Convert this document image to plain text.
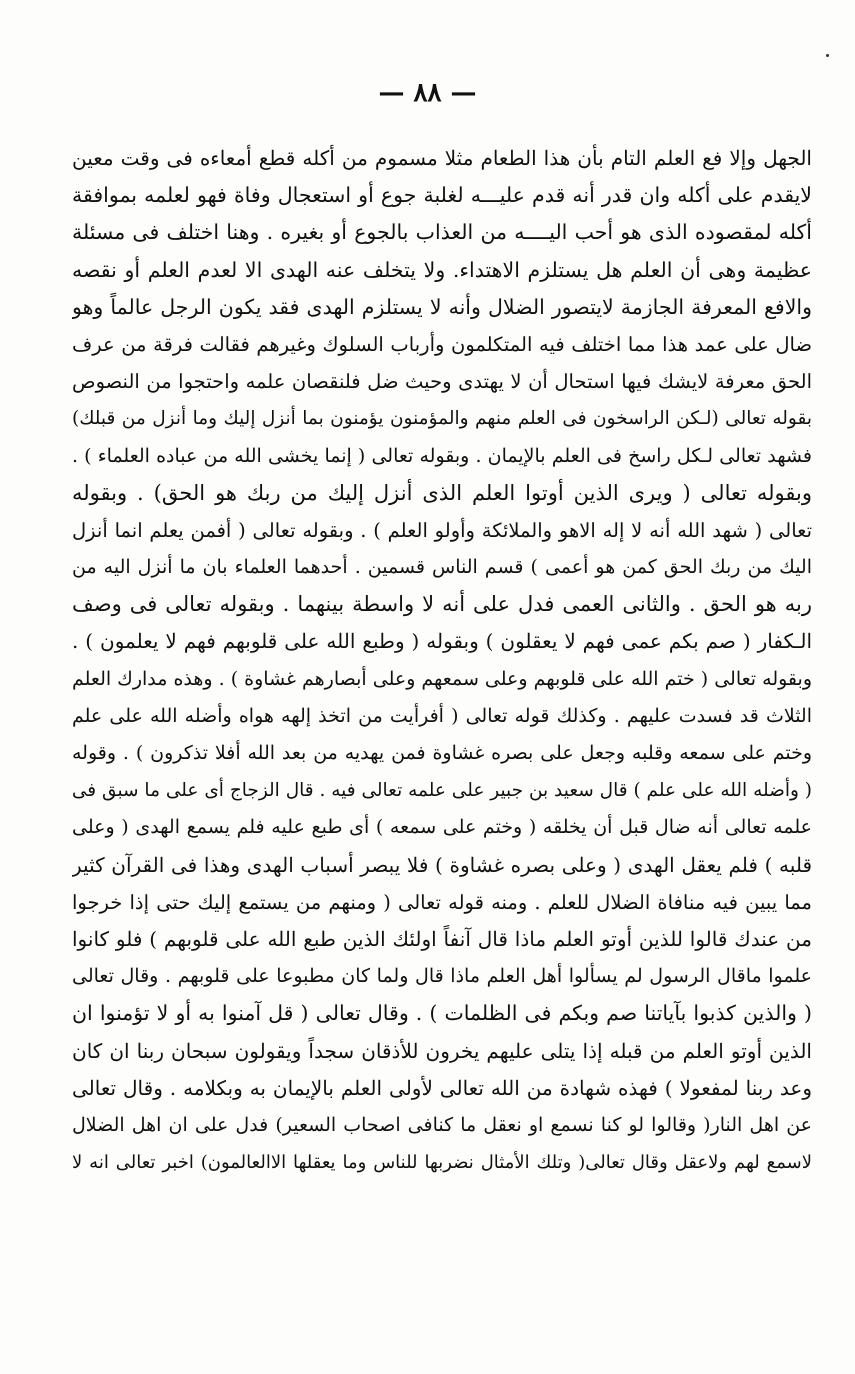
— ٨٨ —
الجهل وإلا فع العلم التام بأن هذا الطعام مثلا مسموم من أكله قطع أمعاءه فى وقت معين
لايقدم على أكله وان قدر أنه قدم عليـــه لغلبة جوع أو استعجال وفاة فهو لعلمه بموافقة
أكله لمقصوده الذى هو أحب اليــــه من العذاب بالجوع أو بغيره . وهنا اختلف فى مسئلة
عظيمة وهى أن العلم هل يستلزم الاهتداء. ولا يتخلف عنه الهدى الا لعدم العلم أو نقصه
والافع المعرفة الجازمة لايتصور الضلال وأنه لا يستلزم الهدى فقد يكون الرجل عالماً وهو
ضال على عمد هذا مما اختلف فيه المتكلمون وأرباب السلوك وغيرهم فقالت فرقة من عرف
الحق معرفة لايشك فيها استحال أن لا يهتدى وحيث ضل فلنقصان علمه واحتجوا من النصوص
بقوله تعالى (لـكن الراسخون فى العلم منهم والمؤمنون يؤمنون بما أنزل إليك وما أنزل من قبلك)
فشهد تعالى لـكل راسخ فى العلم بالإيمان . وبقوله تعالى ( إنما يخشى الله من عباده العلماء ) .
وبقوله تعالى ( ويرى الذين أوتوا العلم الذى أنزل إليك من ربك هو الحق) . وبقوله
تعالى ( شهد الله أنه لا إله الاهو والملائكة وأولو العلم ) . وبقوله تعالى ( أفمن يعلم انما أنزل
اليك من ربك الحق كمن هو أعمى ) قسم الناس قسمين . أحدهما العلماء بان ما أنزل اليه من
ربه هو الحق . والثانى العمى فدل على أنه لا واسطة بينهما . وبقوله تعالى فى وصف
الـكفار ( صم بكم عمى فهم لا يعقلون ) وبقوله ( وطبع الله على قلوبهم فهم لا يعلمون ) .
وبقوله تعالى ( ختم الله على قلوبهم وعلى سمعهم وعلى أبصارهم غشاوة ) . وهذه مدارك العلم
الثلاث قد فسدت عليهم . وكذلك قوله تعالى ( أفرأيت من اتخذ إلهه هواه وأضله الله على علم
وختم على سمعه وقلبه وجعل على بصره غشاوة فمن يهديه من بعد الله أفلا تذكرون ) . وقوله
( وأضله الله على علم ) قال سعيد بن جبير على علمه تعالى فيه . قال الزجاج أى على ما سبق فى
علمه تعالى أنه ضال قبل أن يخلقه ( وختم على سمعه ) أى طبع عليه فلم يسمع الهدى ( وعلى
قلبه ) فلم يعقل الهدى ( وعلى بصره غشاوة ) فلا يبصر أسباب الهدى وهذا فى القرآن كثير
مما يبين فيه منافاة الضلال للعلم . ومنه قوله تعالى ( ومنهم من يستمع إليك حتى إذا خرجوا
من عندك قالوا للذين أوتو العلم ماذا قال آنفاً اولئك الذين طبع الله على قلوبهم ) فلو كانوا
علموا ماقال الرسول لم يسألوا أهل العلم ماذا قال ولما كان مطبوعا على قلوبهم . وقال تعالى
( والذين كذبوا بآياتنا صم وبكم فى الظلمات ) . وقال تعالى ( قل آمنوا به أو لا تؤمنوا ان
الذين أوتو العلم من قبله إذا يتلى عليهم يخرون للأذقان سجداً ويقولون سبحان ربنا ان كان
وعد ربنا لمفعولا ) فهذه شهادة من الله تعالى لأولى العلم بالإيمان به وبكلامه . وقال تعالى
عن اهل النار( وقالوا لو كنا نسمع او نعقل ما كنافى اصحاب السعير) فدل على ان اهل الضلال
لاسمع لهم ولاعقل وقال تعالى( وتلك الأمثال نضربها للناس وما يعقلها الاالعالمون) اخبر تعالى انه لا
